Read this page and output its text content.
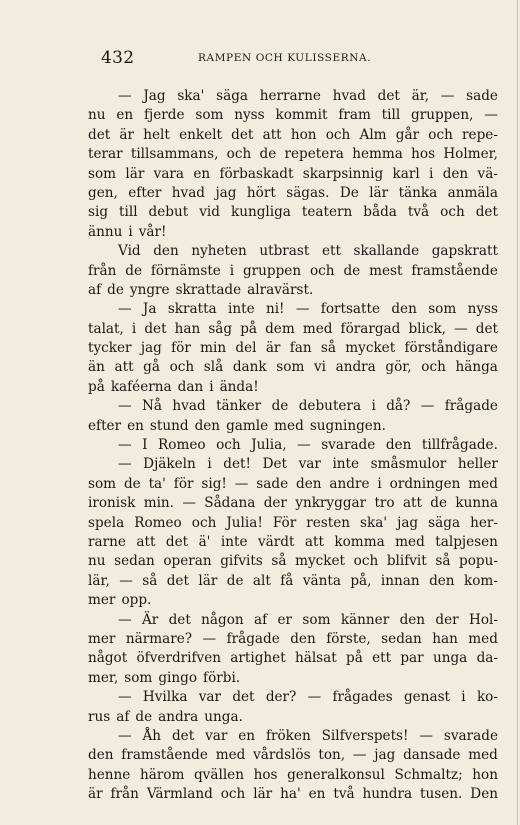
432	RAMPEN OCH KULISSERNA.
— Jag ska' säga herrarne hvad det är, — sade
nu en fjerde som nyss kommit fram till gruppen, —
det är helt enkelt det att hon och Alm går och repe-
terar tillsammans, och de repetera hemma hos Holmer,
som lär vara en förbaskadt skarpsinnig karl i den vä-
gen, efter hvad jag hört sägas. De lär tänka anmäla
sig till debut vid kungliga teatern båda två och det
ännu i vår!
Vid den nyheten utbrast ett skallande gapskratt
från de förnämste i gruppen och de mest framstående
af de yngre skrattade alravärst.
— Ja skratta inte ni! — fortsatte den som nyss
talat, i det han såg på dem med förargad blick, — det
tycker jag för min del är fan så mycket förståndigare
än att gå och slå dank som vi andra gör, och hänga
på kaféerna dan i ända!
— Nå hvad tänker de debutera i då? — frågade
efter en stund den gamle med sugningen.
— I Romeo och Julia, — svarade den tillfrågade.
— Djäkeln i det! Det var inte småsmulor heller
som de ta' för sig! — sade den andre i ordningen med
ironisk min. — Sådana der ynkryggar tro att de kunna
spela Romeo och Julia! För resten ska' jag säga her-
rarne att det ä' inte värdt att komma med talpjesen
nu sedan operan gifvits så mycket och blifvit så popu-
lär, — så det lär de alt få vänta på, innan den kom-
mer opp.
— Är det någon af er som känner den der Hol-
mer närmare? — frågade den förste, sedan han med
något öfverdrifven artighet hälsat på ett par unga da-
mer, som gingo förbi.
— Hvilka var det der? — frågades genast i ko-
rus af de andra unga.
— Åh det var en fröken Silfverspets! — svarade
den framstående med vårdslös ton, — jag dansade med
henne härom qvällen hos generalkonsul Schmaltz; hon
är från Värmland och lär ha' en två hundra tusen. Den
